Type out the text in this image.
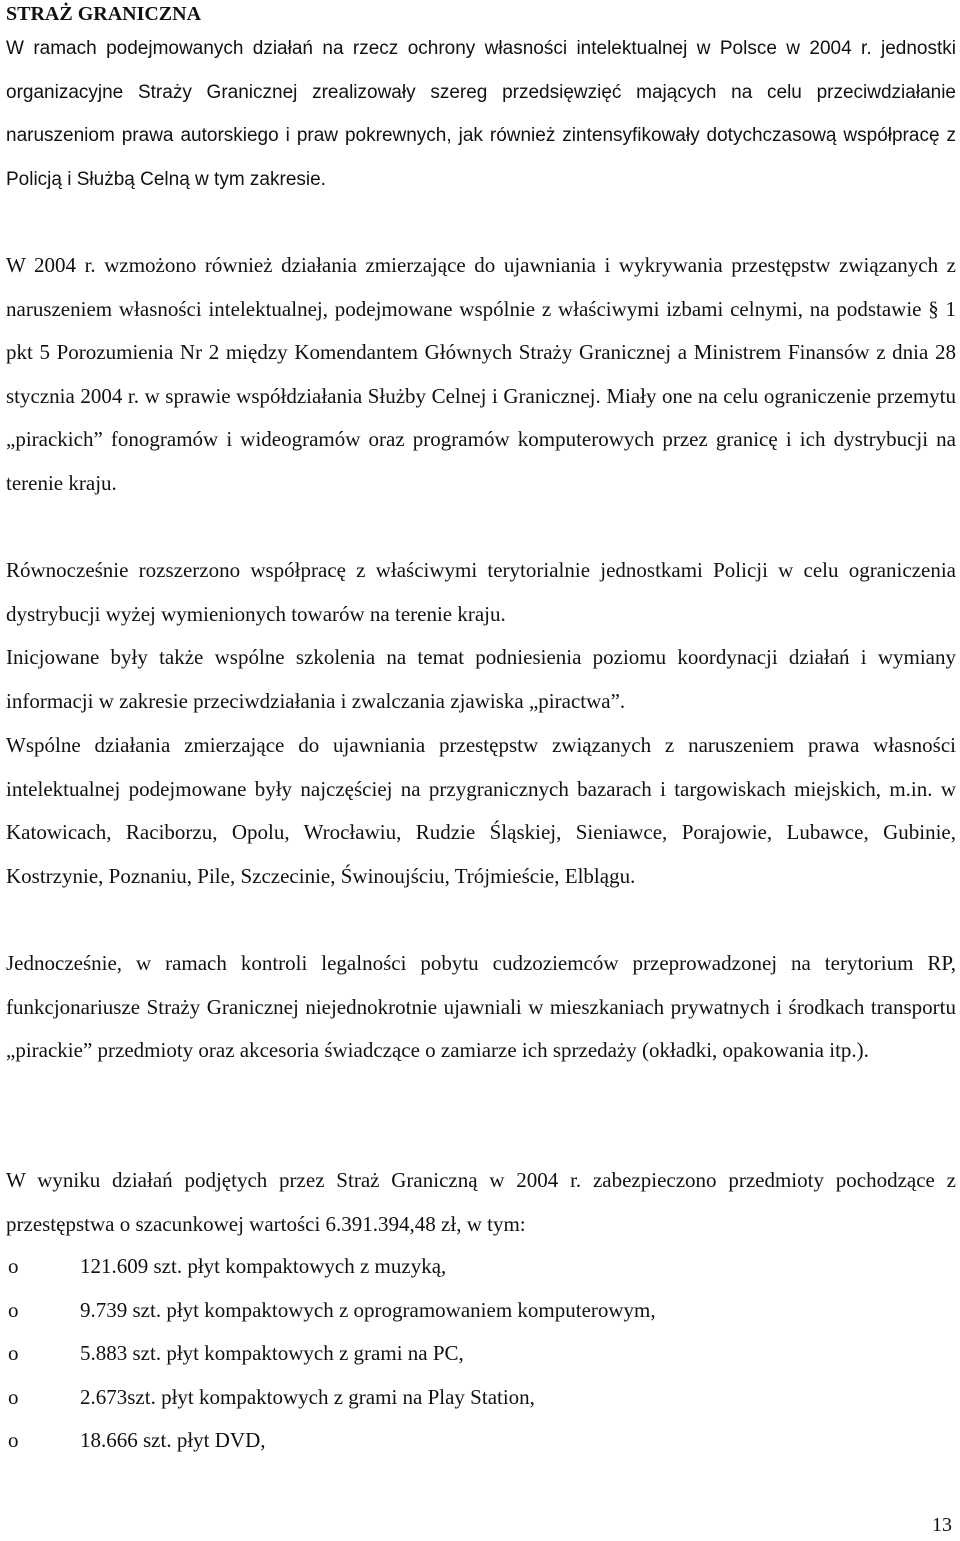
STRAŻ GRANICZNA

W ramach podejmowanych działań na rzecz ochrony własności intelektualnej w Polsce w 2004 r. jednostki organizacyjne Straży Granicznej zrealizowały szereg przedsięwzięć mających na celu przeciwdziałanie naruszeniom prawa autorskiego i praw pokrewnych, jak również zintensyfikowały dotychczasową współpracę z Policją i Służbą Celną w tym zakresie.

W 2004 r. wzmożono również działania zmierzające do ujawniania i wykrywania przestępstw związanych z naruszeniem własności intelektualnej, podejmowane wspólnie z właściwymi izbami celnymi, na podstawie § 1 pkt 5 Porozumienia Nr 2 między Komendantem Głównych Straży Granicznej a Ministrem Finansów z dnia 28 stycznia 2004 r. w sprawie współdziałania Służby Celnej i Granicznej. Miały one na celu ograniczenie przemytu „pirackich” fonogramów i wideogramów oraz programów komputerowych przez granicę i ich dystrybucji na terenie kraju.

Równocześnie rozszerzono współpracę z właściwymi terytorialnie jednostkami Policji w celu ograniczenia dystrybucji wyżej wymienionych towarów na terenie kraju.

Inicjowane były także wspólne szkolenia na temat podniesienia poziomu koordynacji działań i wymiany informacji w zakresie przeciwdziałania i zwalczania zjawiska „piractwa”.

Wspólne działania zmierzające do ujawniania przestępstw związanych z naruszeniem prawa własności intelektualnej podejmowane były najczęściej na przygranicznych bazarach i targowiskach miejskich, m.in. w Katowicach, Raciborzu, Opolu, Wrocławiu, Rudzie Śląskiej, Sieniawce, Porajowie, Lubawce, Gubinie, Kostrzynie, Poznaniu, Pile, Szczecinie, Świnoujściu, Trójmieście, Elblągu.

Jednocześnie, w ramach kontroli legalności pobytu cudzoziemców przeprowadzonej na terytorium RP, funkcjonariusze Straży Granicznej niejednokrotnie ujawniali w mieszkaniach prywatnych i środkach transportu „pirackie” przedmioty oraz akcesoria świadczące o zamiarze ich sprzedaży (okładki, opakowania itp.).

W wyniku działań podjętych przez Straż Graniczną w 2004 r. zabezpieczono przedmioty pochodzące z przestępstwa o szacunkowej wartości 6.391.394,48 zł, w tym:

o	121.609 szt. płyt kompaktowych z muzyką,
o	9.739 szt. płyt kompaktowych z oprogramowaniem komputerowym,
o	5.883 szt. płyt kompaktowych z grami na PC,
o	2.673szt. płyt kompaktowych z grami na Play Station,
o	18.666 szt. płyt DVD,
13
